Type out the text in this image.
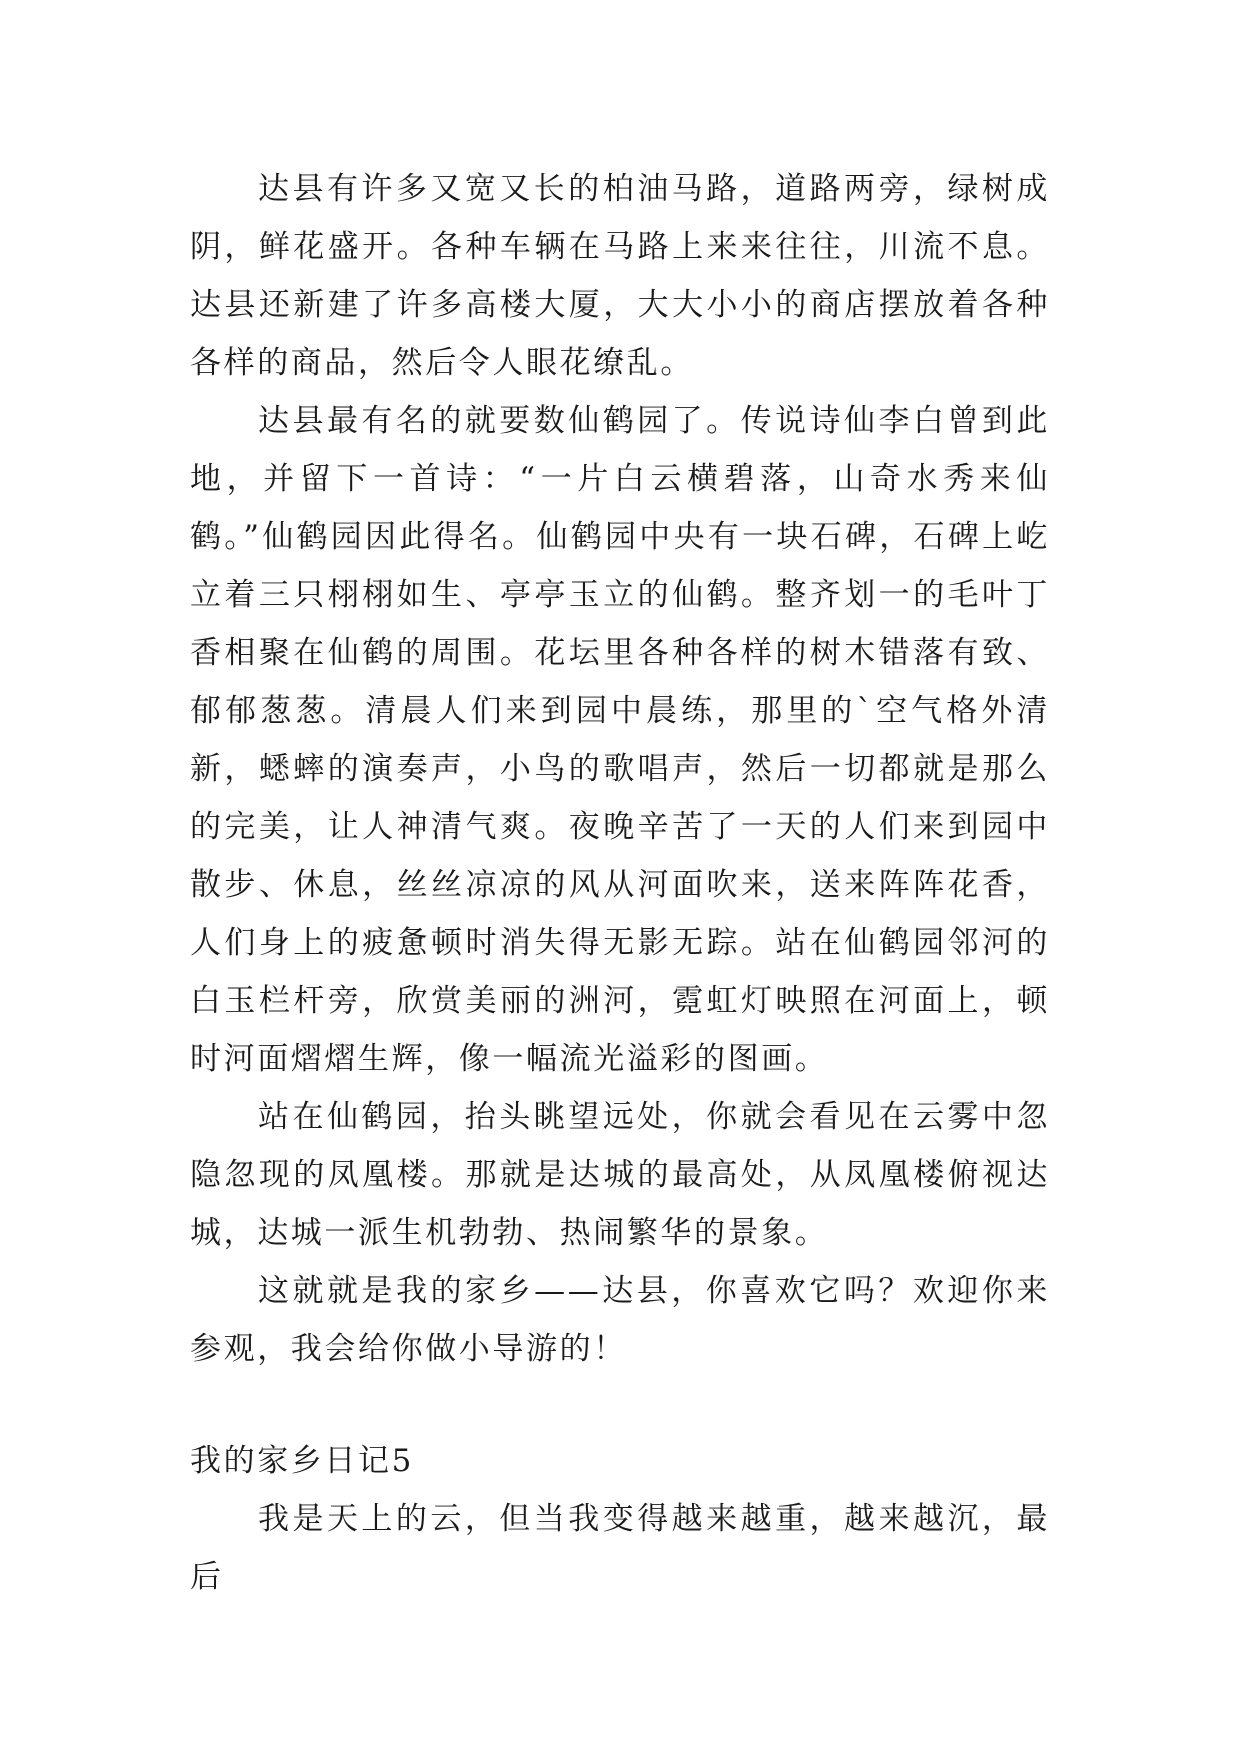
达县有许多又宽又长的柏油马路，道路两旁，绿树成阴，鲜花盛开。各种车辆在马路上来来往往，川流不息。达县还新建了许多高楼大厦，大大小小的商店摆放着各种各样的商品，然后令人眼花缭乱。

达县最有名的就要数仙鹤园了。传说诗仙李白曾到此地，并留下一首诗：“一片白云横碧落，山奇水秀来仙鹤。”仙鹤园因此得名。仙鹤园中央有一块石碑，石碑上屹立着三只栩栩如生、亭亭玉立的仙鹤。整齐划一的毛叶丁香相聚在仙鹤的周围。花坛里各种各样的树木错落有致、郁郁葱葱。清晨人们来到园中晨练，那里的`空气格外清新，蟋蟀的演奏声，小鸟的歌唱声，然后一切都就是那么的完美，让人神清气爽。夜晚辛苦了一天的人们来到园中散步、休息，丝丝凉凉的风从河面吹来，送来阵阵花香，人们身上的疲惫顿时消失得无影无踪。站在仙鹤园邻河的白玉栏杆旁，欣赏美丽的洲河，霓虹灯映照在河面上，顿时河面熠熠生辉，像一幅流光溢彩的图画。

站在仙鹤园，抬头眺望远处，你就会看见在云雾中忽隐忽现的凤凰楼。那就是达城的最高处，从凤凰楼俯视达城，达城一派生机勃勃、热闹繁华的景象。

这就就是我的家乡——达县，你喜欢它吗？欢迎你来参观，我会给你做小导游的！

我的家乡日记5

我是天上的云，但当我变得越来越重，越来越沉，最后
